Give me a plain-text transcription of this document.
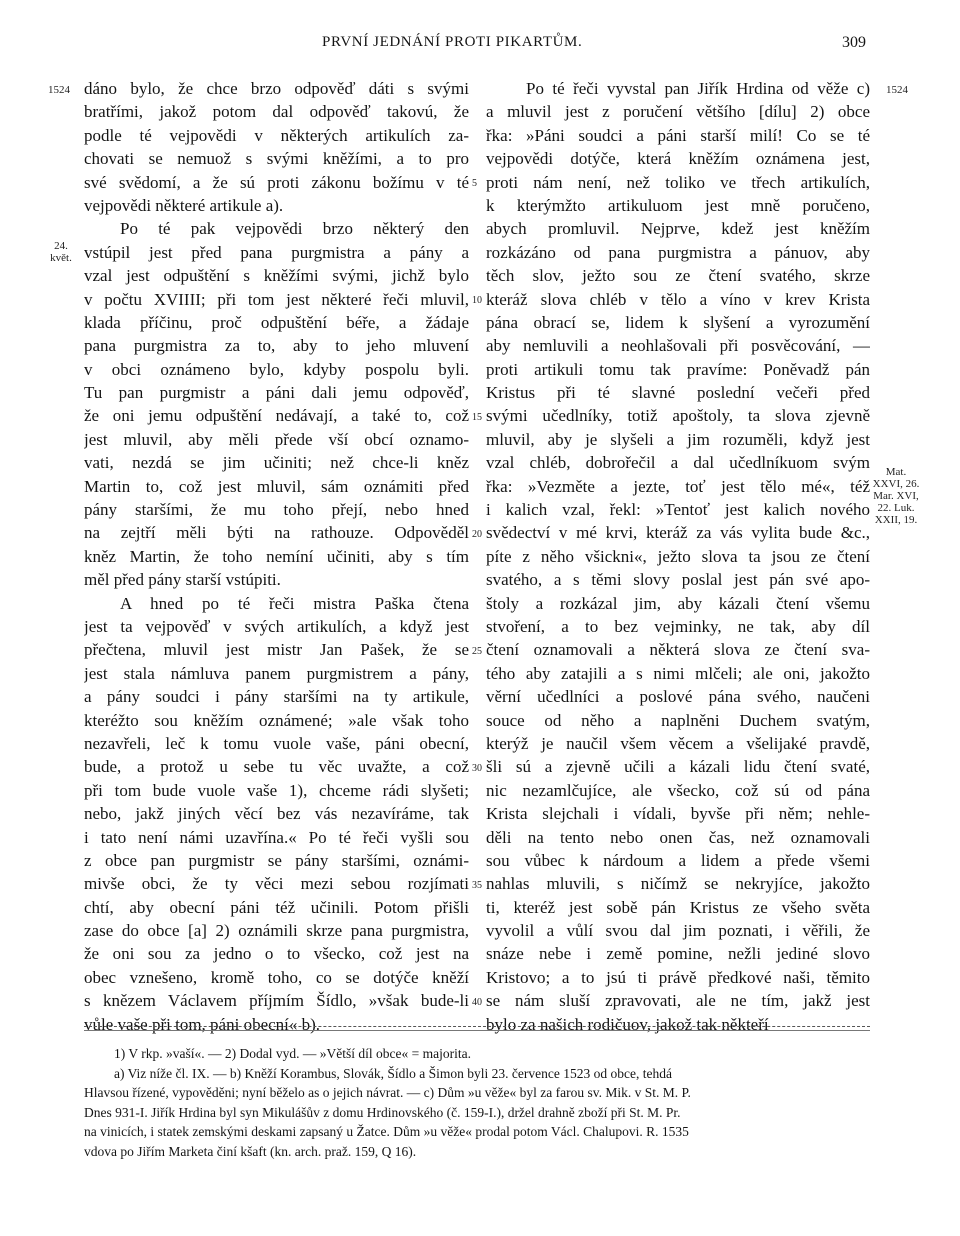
PRVNÍ JEDNÁNÍ PROTI PIKARTŮM.	309
1524	1524
24. květ.
Mat. XXVI, 26. Mar. XVI, 22. Luk. XXII, 19.
5
10
15
20
25
30
35
40
dáno bylo, že chce brzo odpověď dáti s svými
bratřími, jakož potom dal odpověď takovú, že
podle té vejpovědi v některých artikulích za-
chovati se nemuož s svými kněžími, a to pro
své svědomí, a že sú proti zákonu božímu v té
vejpovědi některé artikule a).
Po té pak vejpovědi brzo některý den
vstúpil jest před pana purgmistra a pány a
vzal jest odpuštění s kněžími svými, jichž bylo
v počtu XVIIII; při tom jest některé řeči mluvil,
klada příčinu, proč odpuštění béře, a žádaje
pana purgmistra za to, aby to jeho mluvení
v obci oznámeno bylo, kdyby pospolu byli.
Tu pan purgmistr a páni dali jemu odpověď,
že oni jemu odpuštění nedávají, a také to, což
jest mluvil, aby měli přede vší obcí oznamo-
vati, nezdá se jim učiniti; než chce-li kněz
Martin to, což jest mluvil, sám oznámiti před
pány staršími, že mu toho přejí, nebo hned
na zejtří měli býti na rathouze. Odpověděl
kněz Martin, že toho nemíní učiniti, aby s tím
měl před pány starší vstúpiti.
A hned po té řeči mistra Paška čtena
jest ta vejpověď v svých artikulích, a když jest
přečtena, mluvil jest mistr Jan Pašek, že se
jest stala námluva panem purgmistrem a pány,
a pány soudci i pány staršími na ty artikule,
kteréžto sou kněžím oznámené; »ale však toho
nezavřeli, leč k tomu vuole vaše, páni obecní,
bude, a protož u sebe tu věc uvažte, a což
při tom bude vuole vaše 1), chceme rádi slyšeti;
nebo, jakž jiných věcí bez vás nezavíráme, tak
i tato není námi uzavřína.« Po té řeči vyšli sou
z obce pan purgmistr se pány staršími, oznámi-
mivše obci, že ty věci mezi sebou rozjímati
chtí, aby obecní páni též učinili. Potom přišli
zase do obce [a] 2) oznámili skrze pana purgmistra,
že oni sou za jedno o to všecko, což jest na
obec vznešeno, kromě toho, co se dotýče kněží
s knězem Václavem příjmím Šídlo, »však bude-li
vůle vaše při tom, páni obecní« b).
Po té řeči vyvstal pan Jiřík Hrdina od věže c)
a mluvil jest z poručení většího [dílu] 2) obce
řka: »Páni soudci a páni starší milí! Co se té
vejpovědi dotýče, která kněžím oznámena jest,
proti nám není, než toliko ve třech artikulích,
k kterýmžto artikuluom jest mně poručeno,
abych promluvil. Nejprve, kdež jest kněžím
rozkázáno od pana purgmistra a pánuov, aby
těch slov, ježto sou ze čtení svatého, skrze
kteráž slova chléb v tělo a víno v krev Krista
pána obrací se, lidem k slyšení a vyrozumění
aby nemluvili a neohlašovali při posvěcování, —
proti artikuli tomu tak pravíme: Poněvadž pán
Kristus při té slavné poslední večeři před
svými učedlníky, totiž apoštoly, ta slova zjevně
mluvil, aby je slyšeli a jim rozuměli, když jest
vzal chléb, dobrořečil a dal učedlníkuom svým
řka: »Vezměte a jezte, toť jest tělo mé«, též
i kalich vzal, řekl: »Tentoť jest kalich nového
svědectví v mé krvi, kteráž za vás vylita bude &c.,
píte z něho všickni«, ježto slova ta jsou ze čtení
svatého, a s těmi slovy poslal jest pán své apo-
štoly a rozkázal jim, aby kázali čtení všemu
stvoření, a to bez vejminky, ne tak, aby díl
čtení oznamovali a některá slova ze čtení sva-
tého aby zatajili a s nimi mlčeli; ale oni, jakožto
věrní učedlníci a poslové pána svého, naučeni
souce od něho a naplněni Duchem svatým,
kterýž je naučil všem věcem a všelijaké pravdě,
šli sú a zjevně učili a kázali lidu čtení svaté,
nic nezamlčujíce, ale všecko, což sú od pána
Krista slejchali i vídali, byvše při něm; nehle-
děli na tento nebo onen čas, než oznamovali
sou vůbec k nárdoum a lidem a přede všemi
nahlas mluvili, s ničímž se nekryjíce, jakožto
ti, kteréž jest sobě pán Kristus ze všeho světa
vyvolil a vůlí svou dal jim poznati, i věřili, že
snáze nebe i země pomine, nežli jediné slovo
Kristovo; a to jsú ti právě předkové naši, těmito
se nám sluší zpravovati, ale ne tím, jakž jest
bylo za našich rodičuov, jakož tak někteří
1) V rkp. »vaší«. — 2) Dodal vyd. — »Větší díl obce« = majorita.
a) Viz níže čl. IX. — b) Kněží Korambus, Slovák, Šídlo a Šimon byli 23. července 1523 od obce, tehdá
Hlavsou řízené, vypověděni; nyní běželo as o jejich návrat. — c) Dům »u věže« byl za farou sv. Mik. v St. M. P.
Dnes 931-I. Jiřík Hrdina byl syn Mikulášův z domu Hrdinovského (č. 159-I.), držel drahně zboží při St. M. Pr.
na vinicích, i statek zemskými deskami zapsaný u Žatce. Dům »u věže« prodal potom Václ. Chalupovi. R. 1535
vdova po Jiřím Marketa činí kšaft (kn. arch. praž. 159, Q 16).
